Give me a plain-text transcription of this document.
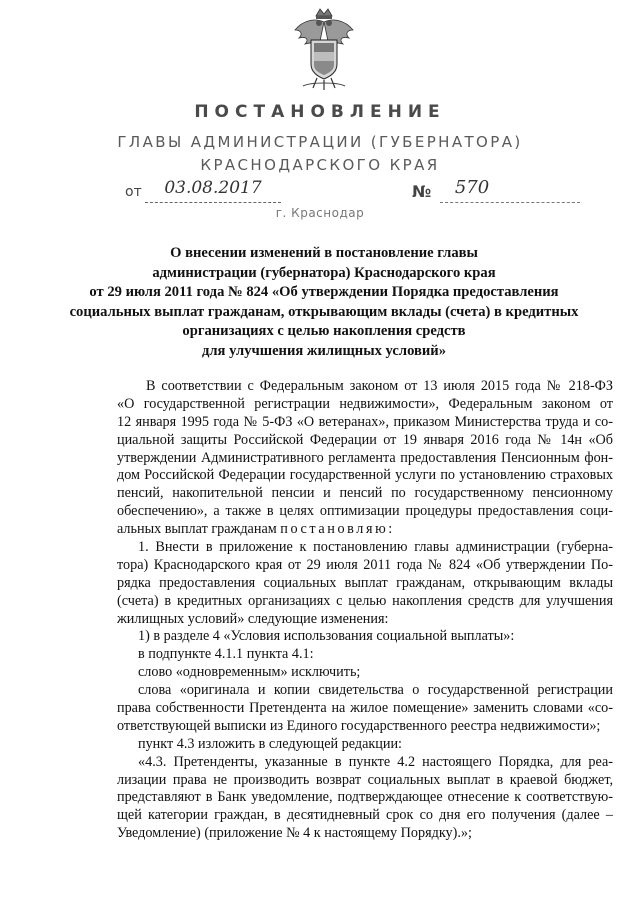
ПОСТАНОВЛЕНИЕ
ГЛАВЫ АДМИНИСТРАЦИИ (ГУБЕРНАТОРА)
КРАСНОДАРСКОГО КРАЯ
от	03.08.2017	№	570
г. Краснодар
О внесении изменений в постановление главы
администрации (губернатора) Краснодарского края
от 29 июля 2011 года № 824 «Об утверждении Порядка предоставления
социальных выплат гражданам, открывающим вклады (счета) в кредитных
организациях с целью накопления средств
для улучшения жилищных условий»
В соответствии с Федеральным законом от 13 июля 2015 года № 218-ФЗ
«О государственной регистрации недвижимости», Федеральным законом от
12 января 1995 года № 5-ФЗ «О ветеранах», приказом Министерства труда и со-
циальной защиты Российской Федерации от 19 января 2016 года № 14н «Об
утверждении Административного регламента предоставления Пенсионным фон-
дом Российской Федерации государственной услуги по установлению страховых
пенсий, накопительной пенсии и пенсий по государственному пенсионному
обеспечению», а также в целях оптимизации процедуры предоставления соци-
альных выплат гражданам постановляю:
1. Внести в приложение к постановлению главы администрации (губерна-
тора) Краснодарского края от 29 июля 2011 года № 824 «Об утверждении По-
рядка предоставления социальных выплат гражданам, открывающим вклады
(счета) в кредитных организациях с целью накопления средств для улучшения
жилищных условий» следующие изменения:
1) в разделе 4 «Условия использования социальной выплаты»:
в подпункте 4.1.1 пункта 4.1:
слово «одновременным» исключить;
слова «оригинала и копии свидетельства о государственной регистрации
права собственности Претендента на жилое помещение» заменить словами «со-
ответствующей выписки из Единого государственного реестра недвижимости»;
пункт 4.3 изложить в следующей редакции:
«4.3. Претенденты, указанные в пункте 4.2 настоящего Порядка, для реа-
лизации права не производить возврат социальных выплат в краевой бюджет,
представляют в Банк уведомление, подтверждающее отнесение к соответствую-
щей категории граждан, в десятидневный срок со дня его получения (далее –
Уведомление) (приложение № 4 к настоящему Порядку).»;
